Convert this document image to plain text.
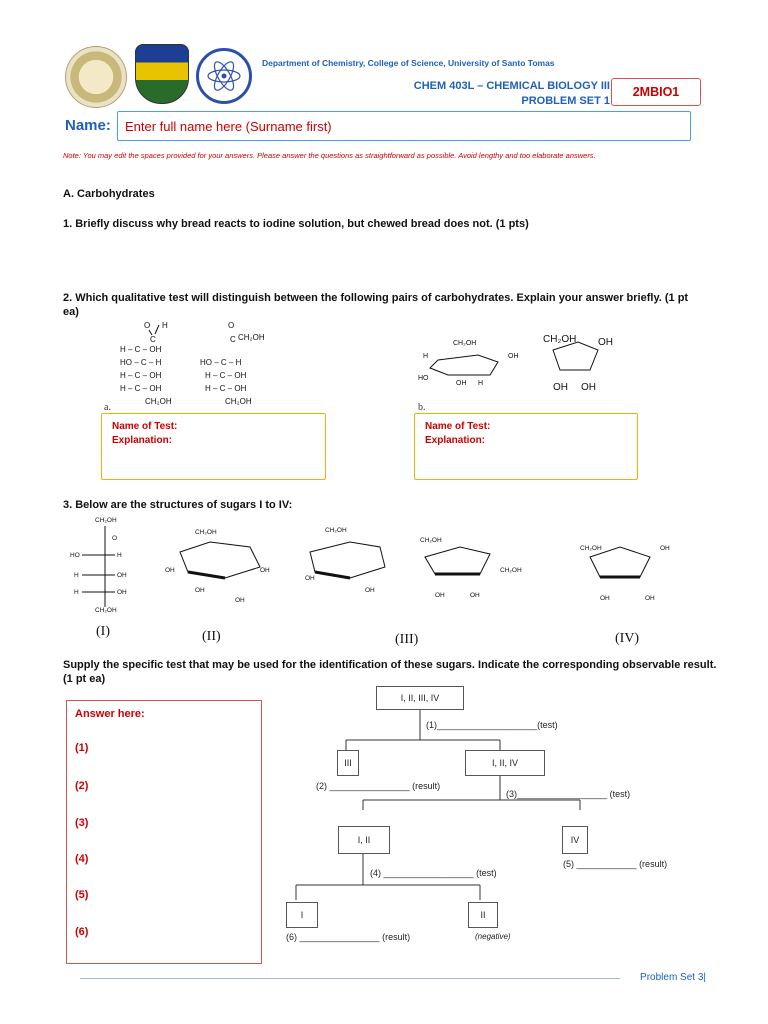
Department of Chemistry, College of Science, University of Santo Tomas
CHEM 403L – CHEMICAL BIOLOGY III
PROBLEM SET 1
2MBIO1
Name:
Enter full name here (Surname first)
Note: You may edit the spaces provided for your answers. Please answer the questions as straightforward as possible. Avoid lengthy and too elaborate answers.
A. Carbohydrates
1. Briefly discuss why bread reacts to iodine solution, but chewed bread does not. (1 pts)
2. Which qualitative test will distinguish between the following pairs of carbohydrates. Explain your answer briefly. (1 pt ea)
O H
C
H – C – OH
HO – C – H
H – C – OH
H – C – OH
CH₂OH
O
CH₂OH
C
HO – C – H
H – C – OH
H – C – OH
CH₂OH
a.
CH₂OH
H	OH
HO
OH H
CH₂OH OH
OH OH
b.
Name of Test:
Explanation:
Name of Test:
Explanation:
3. Below are the structures of sugars I to IV:
CH₂OH
O
HO	H
H	OH
H	OH
CH₂OH
CH₂OH
OH
OH
OH
OH
CH₂OH
OH
OH
CH₂OH
OH	OH
CH₂OH
CH₂OH	OH
OH	OH
(I)	(II)	(III)	(IV)
Supply the specific test that may be used for the identification of these sugars. Indicate the corresponding observable result. (1 pt ea)
Answer here:
(1)
(2)
(3)
(4)
(5)
(6)
I, II, III, IV
(1)____________________(test)
III	I, II, IV
(2) ________________ (result)
(3)__________________ (test)
I, II	IV
(4) __________________ (test)
(5) ____________ (result)
I	II
(6) ________________ (result)	(negative)
Problem Set 3|
